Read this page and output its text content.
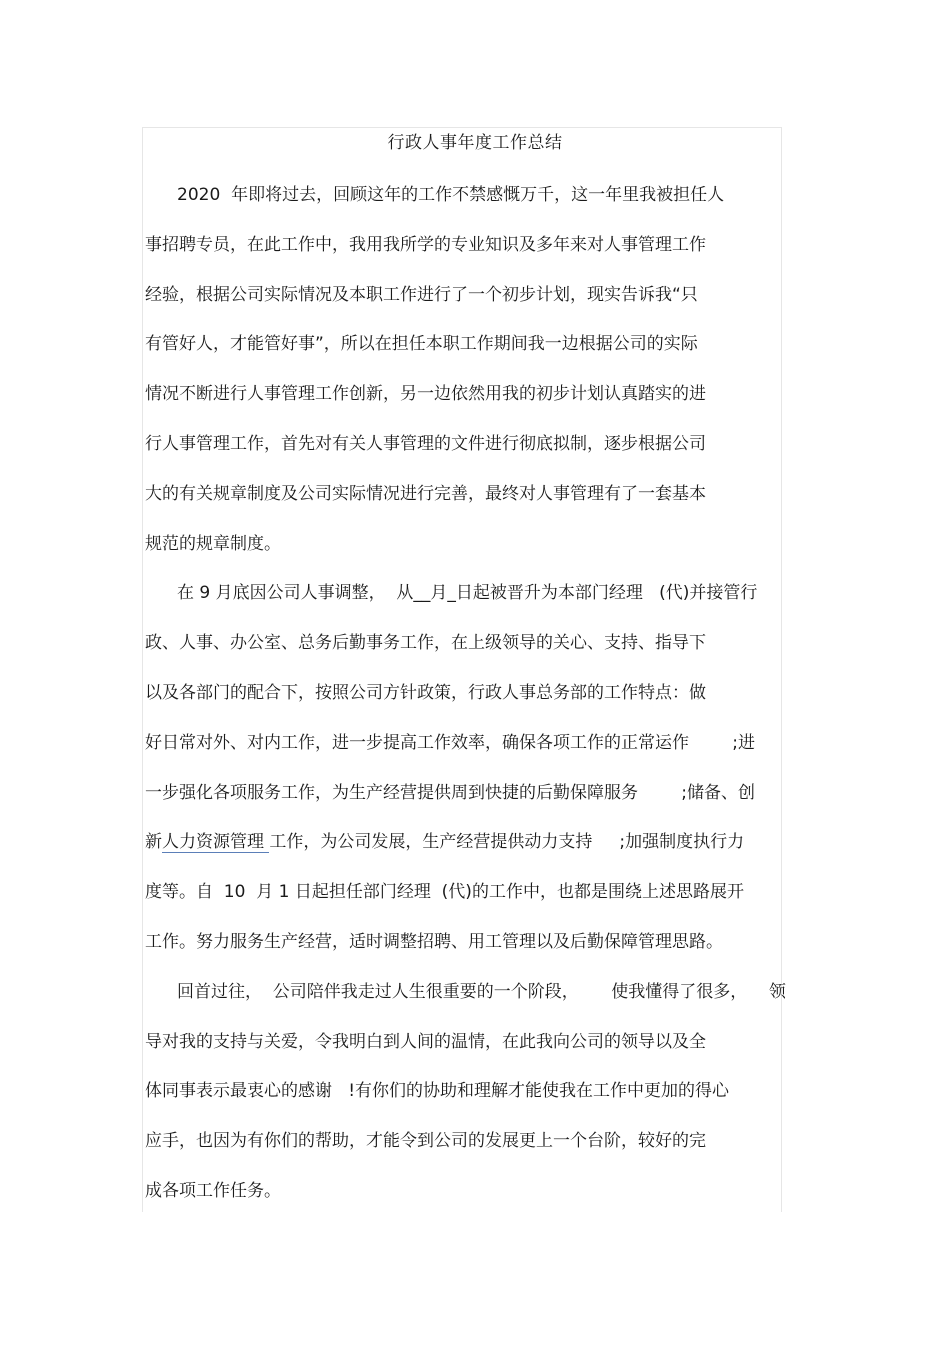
行政人事年度工作总结

2020  年即将过去，回顾这年的工作不禁感慨万千，这一年里我被担任人

事招聘专员，在此工作中，我用我所学的专业知识及多年来对人事管理工作

经验，根据公司实际情况及本职工作进行了一个初步计划，现实告诉我“只

有管好人，才能管好事”，所以在担任本职工作期间我一边根据公司的实际

情况不断进行人事管理工作创新，另一边依然用我的初步计划认真踏实的进

行人事管理工作，首先对有关人事管理的文件进行彻底拟制，逐步根据公司

大的有关规章制度及公司实际情况进行完善，最终对人事管理有了一套基本

规范的规章制度。

在 9 月底因公司人事调整，  从__月_日起被晋升为本部门经理   (代)并接管行

政、人事、办公室、总务后勤事务工作，在上级领导的关心、支持、指导下

以及各部门的配合下，按照公司方针政策，行政人事总务部的工作特点：做

好日常对外、对内工作，进一步提高工作效率，确保各项工作的正常运作        ;进

一步强化各项服务工作，为生产经营提供周到快捷的后勤保障服务        ;储备、创

新人力资源管理 工作，为公司发展，生产经营提供动力支持     ;加强制度执行力

度等。自  10  月 1 日起担任部门经理  (代)的工作中，也都是围绕上述思路展开

工作。努力服务生产经营，适时调整招聘、用工管理以及后勤保障管理思路。

回首过往，  公司陪伴我走过人生很重要的一个阶段，      使我懂得了很多，    领

导对我的支持与关爱，令我明白到人间的温情，在此我向公司的领导以及全

体同事表示最衷心的感谢   !有你们的协助和理解才能使我在工作中更加的得心

应手，也因为有你们的帮助，才能令到公司的发展更上一个台阶，较好的完

成各项工作任务。
